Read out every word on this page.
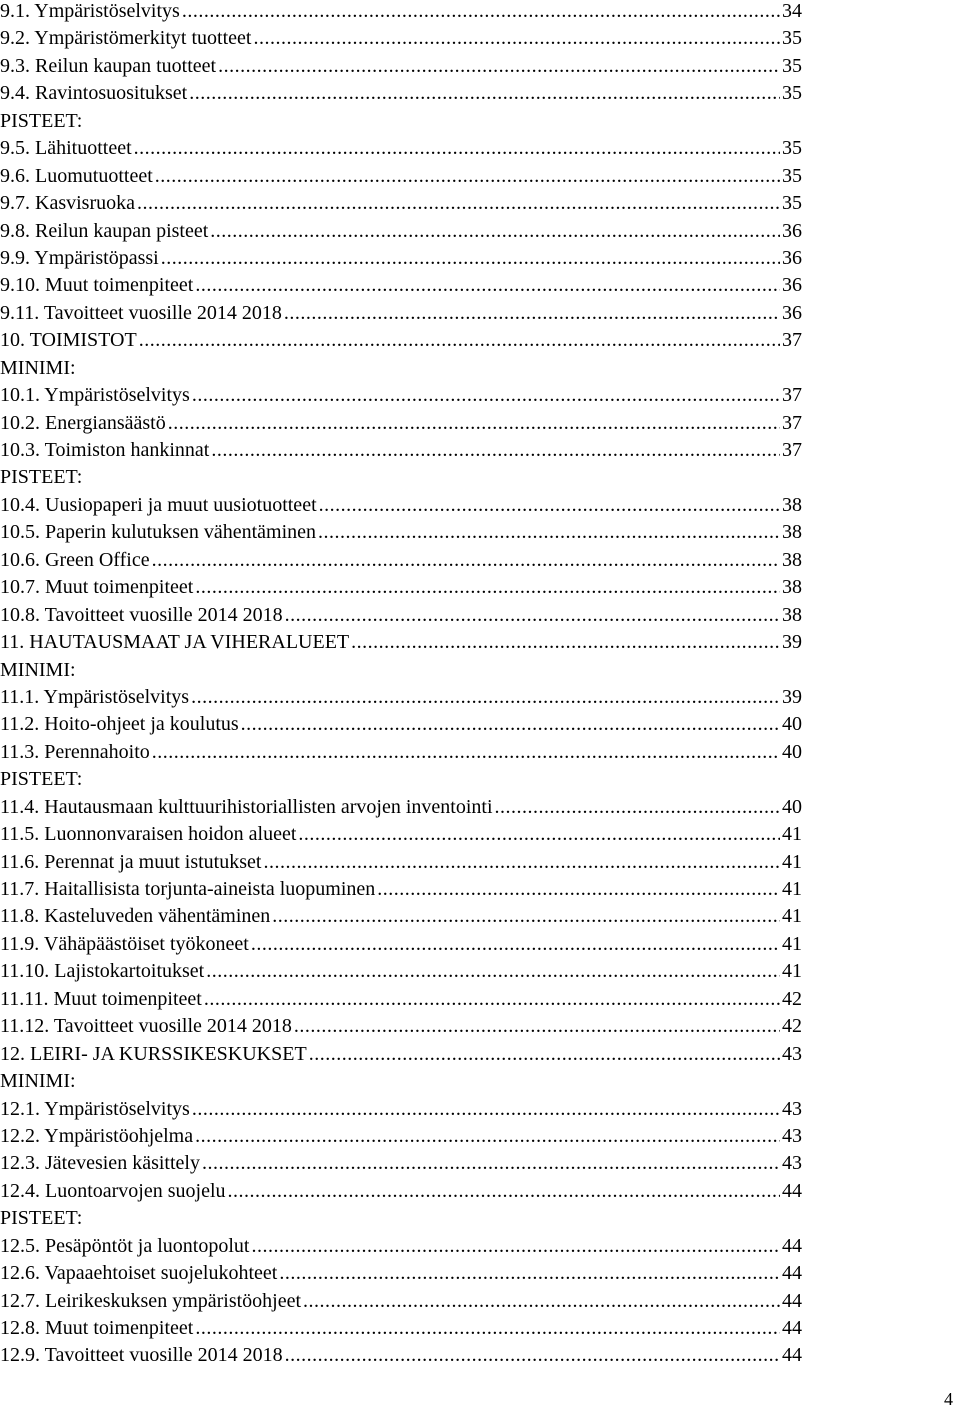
9.1. Ympäristöselvitys .....	34
9.2. Ympäristömerkityt tuotteet .....	35
9.3. Reilun kaupan tuotteet .....	35
9.4. Ravintosuositukset .....	35
PISTEET:
9.5. Lähituotteet .....	35
9.6. Luomutuotteet .....	35
9.7. Kasvisruoka .....	35
9.8. Reilun kaupan pisteet .....	36
9.9. Ympäristöpassi .....	36
9.10. Muut toimenpiteet .....	36
9.11. Tavoitteet vuosille 2014 2018 .....	36
10. TOIMISTOT .....	37
MINIMI:
10.1. Ympäristöselvitys .....	37
10.2. Energiansäästö .....	37
10.3. Toimiston hankinnat .....	37
PISTEET:
10.4. Uusiopaperi ja muut uusiotuotteet .....	38
10.5. Paperin kulutuksen vähentäminen .....	38
10.6. Green Office .....	38
10.7. Muut toimenpiteet .....	38
10.8. Tavoitteet vuosille 2014 2018 .....	38
11. HAUTAUSMAAT JA VIHERALUEET .....	39
MINIMI:
11.1. Ympäristöselvitys .....	39
11.2. Hoito-ohjeet ja koulutus .....	40
11.3. Perennahoito .....	40
PISTEET:
11.4. Hautausmaan kulttuurihistoriallisten arvojen inventointi .....	40
11.5. Luonnonvaraisen hoidon alueet .....	41
11.6. Perennat ja muut istutukset .....	41
11.7. Haitallisista torjunta-aineista luopuminen .....	41
11.8. Kasteluveden vähentäminen .....	41
11.9. Vähäpäästöiset työkoneet .....	41
11.10. Lajistokartoitukset .....	41
11.11. Muut toimenpiteet .....	42
11.12. Tavoitteet vuosille 2014 2018 .....	42
12. LEIRI- JA KURSSIKESKUKSET .....	43
MINIMI:
12.1. Ympäristöselvitys .....	43
12.2. Ympäristöohjelma .....	43
12.3. Jätevesien käsittely .....	43
12.4. Luontoarvojen suojelu .....	44
PISTEET:
12.5. Pesäpöntöt ja luontopolut .....	44
12.6. Vapaaehtoiset suojelukohteet .....	44
12.7. Leirikeskuksen ympäristöohjeet .....	44
12.8. Muut toimenpiteet .....	44
12.9. Tavoitteet vuosille 2014 2018 .....	44
4
